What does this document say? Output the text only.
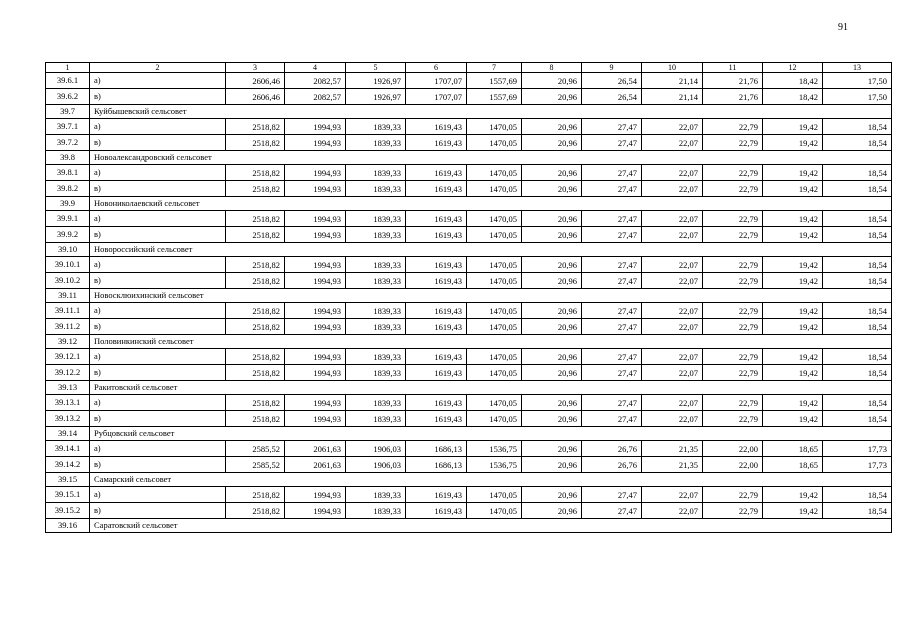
91
1	2	3	4	5	6	7	8	9	10	11	12	13
39.6.1	а)	2606,46	2082,57	1926,97	1707,07	1557,69	20,96	26,54	21,14	21,76	18,42	17,50
39.6.2	в)	2606,46	2082,57	1926,97	1707,07	1557,69	20,96	26,54	21,14	21,76	18,42	17,50
39.7	Куйбышевский сельсовет											
39.7.1	а)	2518,82	1994,93	1839,33	1619,43	1470,05	20,96	27,47	22,07	22,79	19,42	18,54
39.7.2	в)	2518,82	1994,93	1839,33	1619,43	1470,05	20,96	27,47	22,07	22,79	19,42	18,54
39.8	Новоалександровский сельсовет											
39.8.1	а)	2518,82	1994,93	1839,33	1619,43	1470,05	20,96	27,47	22,07	22,79	19,42	18,54
39.8.2	в)	2518,82	1994,93	1839,33	1619,43	1470,05	20,96	27,47	22,07	22,79	19,42	18,54
39.9	Новониколаевский сельсовет											
39.9.1	а)	2518,82	1994,93	1839,33	1619,43	1470,05	20,96	27,47	22,07	22,79	19,42	18,54
39.9.2	в)	2518,82	1994,93	1839,33	1619,43	1470,05	20,96	27,47	22,07	22,79	19,42	18,54
39.10	Новороссийский сельсовет											
39.10.1	а)	2518,82	1994,93	1839,33	1619,43	1470,05	20,96	27,47	22,07	22,79	19,42	18,54
39.10.2	в)	2518,82	1994,93	1839,33	1619,43	1470,05	20,96	27,47	22,07	22,79	19,42	18,54
39.11	Новосклюихинский сельсовет											
39.11.1	а)	2518,82	1994,93	1839,33	1619,43	1470,05	20,96	27,47	22,07	22,79	19,42	18,54
39.11.2	в)	2518,82	1994,93	1839,33	1619,43	1470,05	20,96	27,47	22,07	22,79	19,42	18,54
39.12	Половинкинский сельсовет											
39.12.1	а)	2518,82	1994,93	1839,33	1619,43	1470,05	20,96	27,47	22,07	22,79	19,42	18,54
39.12.2	в)	2518,82	1994,93	1839,33	1619,43	1470,05	20,96	27,47	22,07	22,79	19,42	18,54
39.13	Ракитовский сельсовет											
39.13.1	а)	2518,82	1994,93	1839,33	1619,43	1470,05	20,96	27,47	22,07	22,79	19,42	18,54
39.13.2	в)	2518,82	1994,93	1839,33	1619,43	1470,05	20,96	27,47	22,07	22,79	19,42	18,54
39.14	Рубцовский сельсовет											
39.14.1	а)	2585,52	2061,63	1906,03	1686,13	1536,75	20,96	26,76	21,35	22,00	18,65	17,73
39.14.2	в)	2585,52	2061,63	1906,03	1686,13	1536,75	20,96	26,76	21,35	22,00	18,65	17,73
39.15	Самарский сельсовет											
39.15.1	а)	2518,82	1994,93	1839,33	1619,43	1470,05	20,96	27,47	22,07	22,79	19,42	18,54
39.15.2	в)	2518,82	1994,93	1839,33	1619,43	1470,05	20,96	27,47	22,07	22,79	19,42	18,54
39.16	Саратовский сельсовет											
